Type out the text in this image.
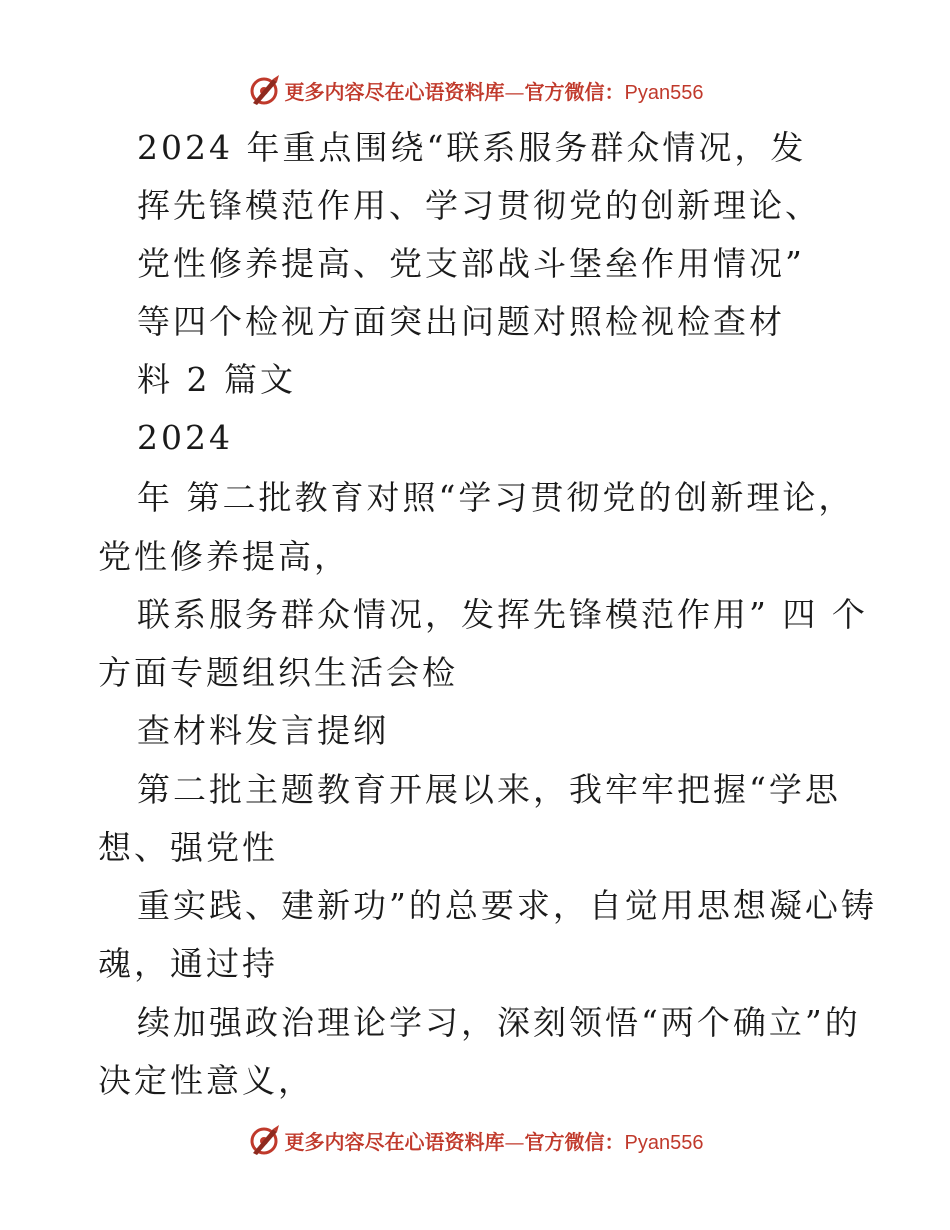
更多内容尽在心语资料库—官方微信：Pyan556
2024 年重点围绕“联系服务群众情况，发
挥先锋模范作用、学习贯彻党的创新理论、
党性修养提高、党支部战斗堡垒作用情况”
等四个检视方面突出问题对照检视检查材
料 2 篇文
2024
年 第二批教育对照“学习贯彻党的创新理论，
党性修养提高，
联系服务群众情况，发挥先锋模范作用” 四 个
方面专题组织生活会检
查材料发言提纲
第二批主题教育开展以来，我牢牢把握“学思
想、强党性
重实践、建新功”的总要求，自觉用思想凝心铸
魂，通过持
续加强政治理论学习，深刻领悟“两个确立”的
决定性意义，
更多内容尽在心语资料库—官方微信：Pyan556
